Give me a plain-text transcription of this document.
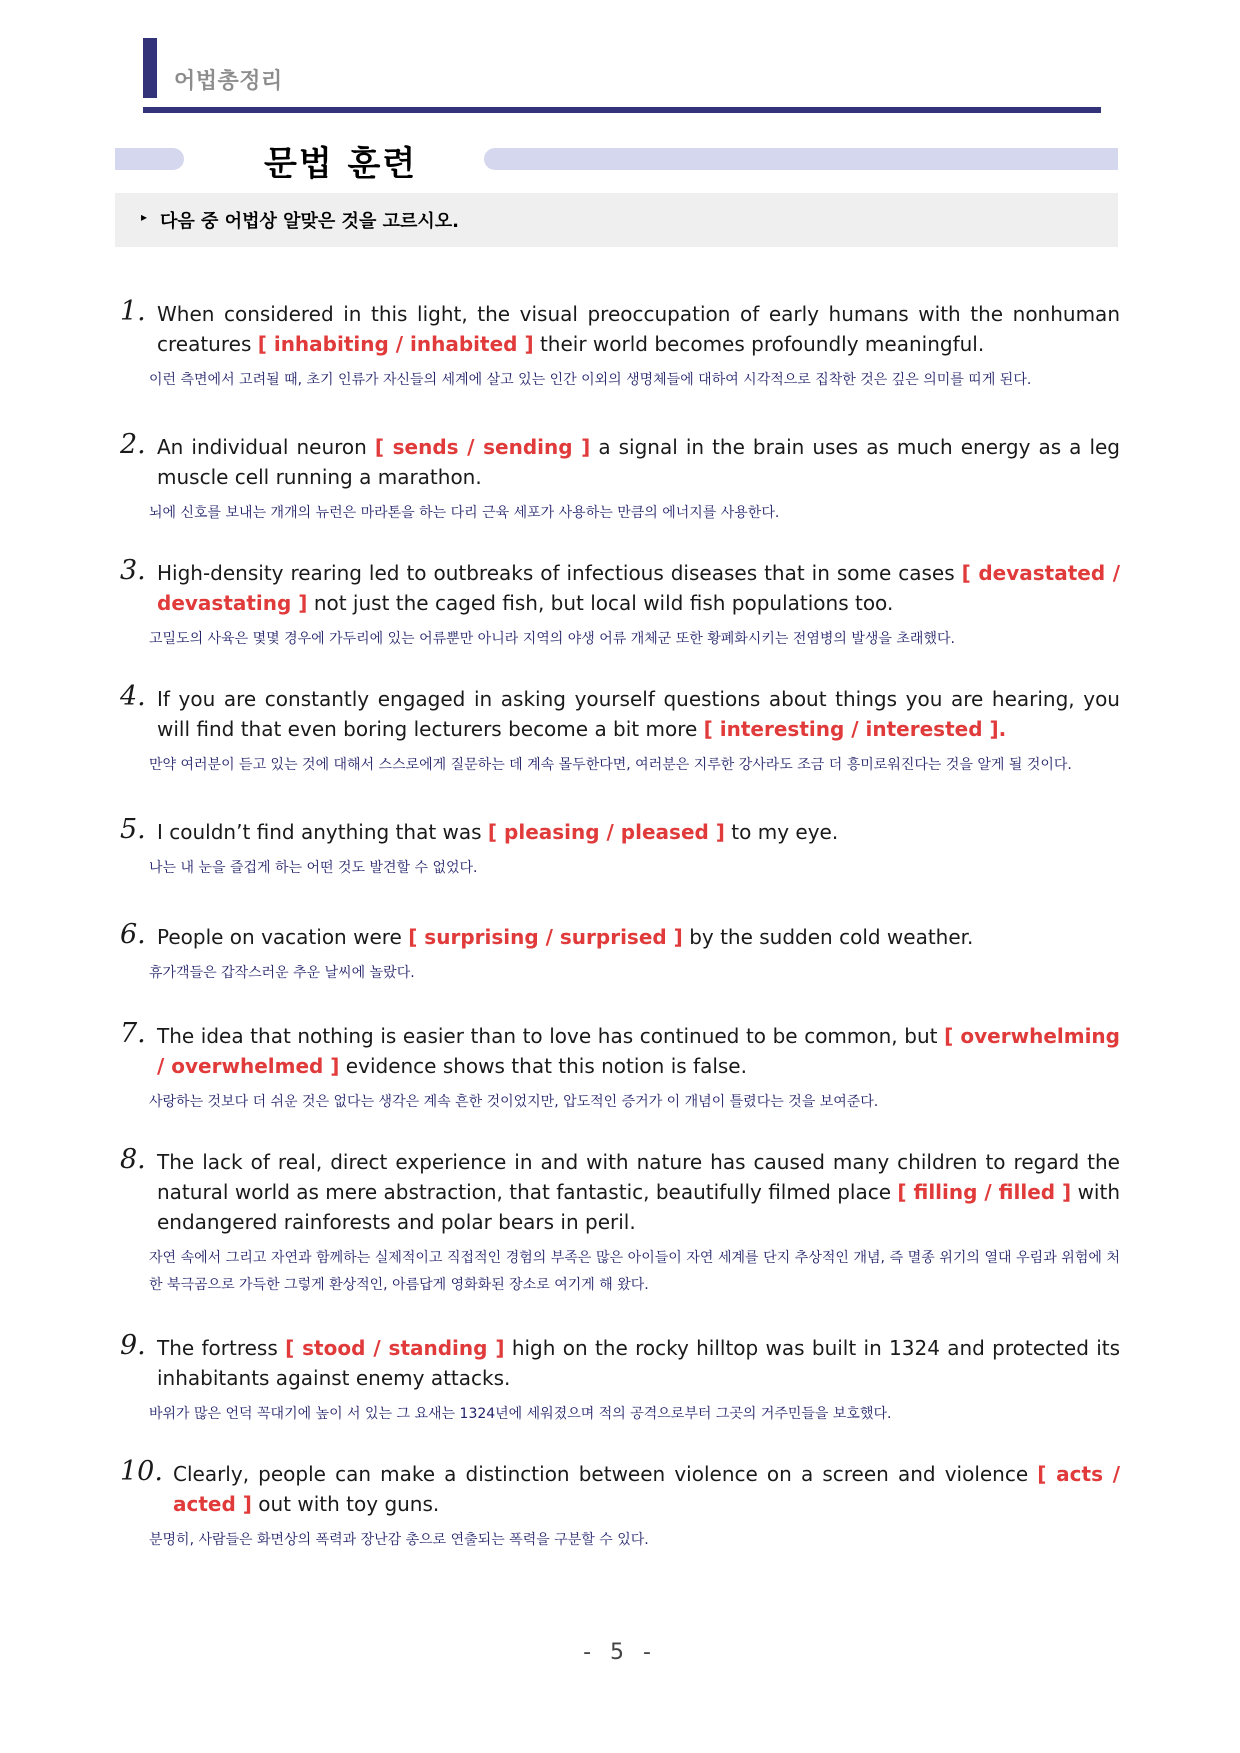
어법총정리
문법 훈련
▸ 다음 중 어법상 알맞은 것을 고르시오.
1. When considered in this light, the visual preoccupation of early humans with the nonhuman creatures [ inhabiting / inhabited ] their world becomes profoundly meaningful.

이런 측면에서 고려될 때, 초기 인류가 자신들의 세계에 살고 있는 인간 이외의 생명체들에 대하여 시각적으로 집착한 것은 깊은 의미를 띠게 된다.

2. An individual neuron [ sends / sending ] a signal in the brain uses as much energy as a leg muscle cell running a marathon.

뇌에 신호를 보내는 개개의 뉴런은 마라톤을 하는 다리 근육 세포가 사용하는 만큼의 에너지를 사용한다.

3. High-density rearing led to outbreaks of infectious diseases that in some cases [ devastated / devastating ] not just the caged fish, but local wild fish populations too.

고밀도의 사육은 몇몇 경우에 가두리에 있는 어류뿐만 아니라 지역의 야생 어류 개체군 또한 황폐화시키는 전염병의 발생을 초래했다.

4. If you are constantly engaged in asking yourself questions about things you are hearing, you will find that even boring lecturers become a bit more [ interesting / interested ].

만약 여러분이 듣고 있는 것에 대해서 스스로에게 질문하는 데 계속 몰두한다면, 여러분은 지루한 강사라도 조금 더 흥미로워진다는 것을 알게 될 것이다.

5. I couldn’t find anything that was [ pleasing / pleased ] to my eye.

나는 내 눈을 즐겁게 하는 어떤 것도 발견할 수 없었다.

6. People on vacation were [ surprising / surprised ] by the sudden cold weather.

휴가객들은 갑작스러운 추운 날씨에 놀랐다.

7. The idea that nothing is easier than to love has continued to be common, but [ overwhelming / overwhelmed ] evidence shows that this notion is false.

사랑하는 것보다 더 쉬운 것은 없다는 생각은 계속 흔한 것이었지만, 압도적인 증거가 이 개념이 틀렸다는 것을 보여준다.

8. The lack of real, direct experience in and with nature has caused many children to regard the natural world as mere abstraction, that fantastic, beautifully filmed place [ filling / filled ] with endangered rainforests and polar bears in peril.

자연 속에서 그리고 자연과 함께하는 실제적이고 직접적인 경험의 부족은 많은 아이들이 자연 세계를 단지 추상적인 개념, 즉 멸종 위기의 열대 우림과 위험에 처한 북극곰으로 가득한 그렇게 환상적인, 아름답게 영화화된 장소로 여기게 해 왔다.

9. The fortress [ stood / standing ] high on the rocky hilltop was built in 1324 and protected its inhabitants against enemy attacks.

바위가 많은 언덕 꼭대기에 높이 서 있는 그 요새는 1324년에 세워졌으며 적의 공격으로부터 그곳의 거주민들을 보호했다.

10. Clearly, people can make a distinction between violence on a screen and violence [ acts / acted ] out with toy guns.

분명히, 사람들은 화면상의 폭력과 장난감 총으로 연출되는 폭력을 구분할 수 있다.

- 5 -
